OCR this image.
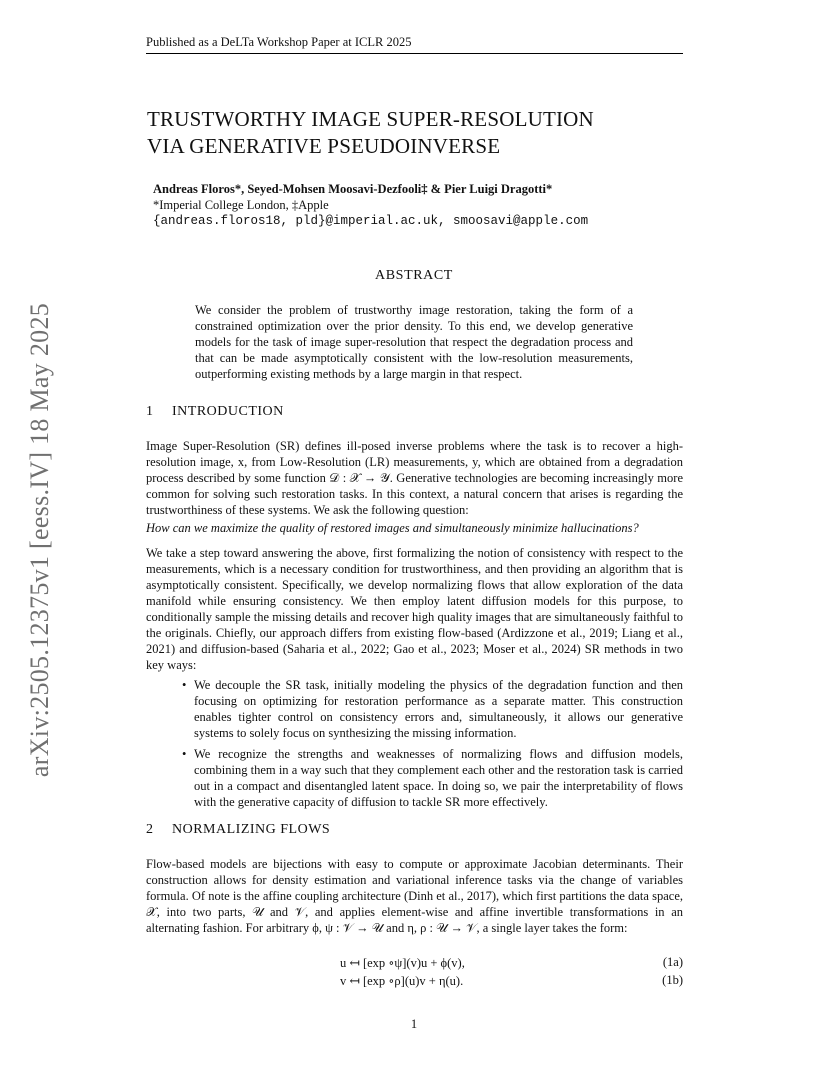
Published as a DeLTa Workshop Paper at ICLR 2025
arXiv:2505.12375v1 [eess.IV] 18 May 2025
TRUSTWORTHY IMAGE SUPER-RESOLUTION
VIA GENERATIVE PSEUDOINVERSE
Andreas Floros*, Seyed-Mohsen Moosavi-Dezfooli‡ & Pier Luigi Dragotti*
*Imperial College London, ‡Apple
{andreas.floros18, pld}@imperial.ac.uk, smoosavi@apple.com
ABSTRACT
We consider the problem of trustworthy image restoration, taking the form of a constrained optimization over the prior density. To this end, we develop generative models for the task of image super-resolution that respect the degradation process and that can be made asymptotically consistent with the low-resolution measurements, outperforming existing methods by a large margin in that respect.
1 INTRODUCTION
Image Super-Resolution (SR) defines ill-posed inverse problems where the task is to recover a high-resolution image, x, from Low-Resolution (LR) measurements, y, which are obtained from a degradation process described by some function 𝒟 : 𝒳 → 𝒴. Generative technologies are becoming increasingly more common for solving such restoration tasks. In this context, a natural concern that arises is regarding the trustworthiness of these systems. We ask the following question:
How can we maximize the quality of restored images and simultaneously minimize hallucinations?
We take a step toward answering the above, first formalizing the notion of consistency with respect to the measurements, which is a necessary condition for trustworthiness, and then providing an algorithm that is asymptotically consistent. Specifically, we develop normalizing flows that allow exploration of the data manifold while ensuring consistency. We then employ latent diffusion models for this purpose, to conditionally sample the missing details and recover high quality images that are simultaneously faithful to the originals. Chiefly, our approach differs from existing flow-based (Ardizzone et al., 2019; Liang et al., 2021) and diffusion-based (Saharia et al., 2022; Gao et al., 2023; Moser et al., 2024) SR methods in two key ways:
• We decouple the SR task, initially modeling the physics of the degradation function and then focusing on optimizing for restoration performance as a separate matter. This construction enables tighter control on consistency errors and, simultaneously, it allows our generative systems to solely focus on synthesizing the missing information.
• We recognize the strengths and weaknesses of normalizing flows and diffusion models, combining them in a way such that they complement each other and the restoration task is carried out in a compact and disentangled latent space. In doing so, we pair the interpretability of flows with the generative capacity of diffusion to tackle SR more effectively.
2 NORMALIZING FLOWS
Flow-based models are bijections with easy to compute or approximate Jacobian determinants. Their construction allows for density estimation and variational inference tasks via the change of variables formula. Of note is the affine coupling architecture (Dinh et al., 2017), which first partitions the data space, 𝒳, into two parts, 𝒰 and 𝒱, and applies element-wise and affine invertible transformations in an alternating fashion. For arbitrary ϕ, ψ : 𝒱 → 𝒰 and η, ρ : 𝒰 → 𝒱, a single layer takes the form:
u ↤ [exp ∘ψ](v)u + ϕ(v),	(1a)
v ↤ [exp ∘ρ](u)v + η(u).	(1b)
1
